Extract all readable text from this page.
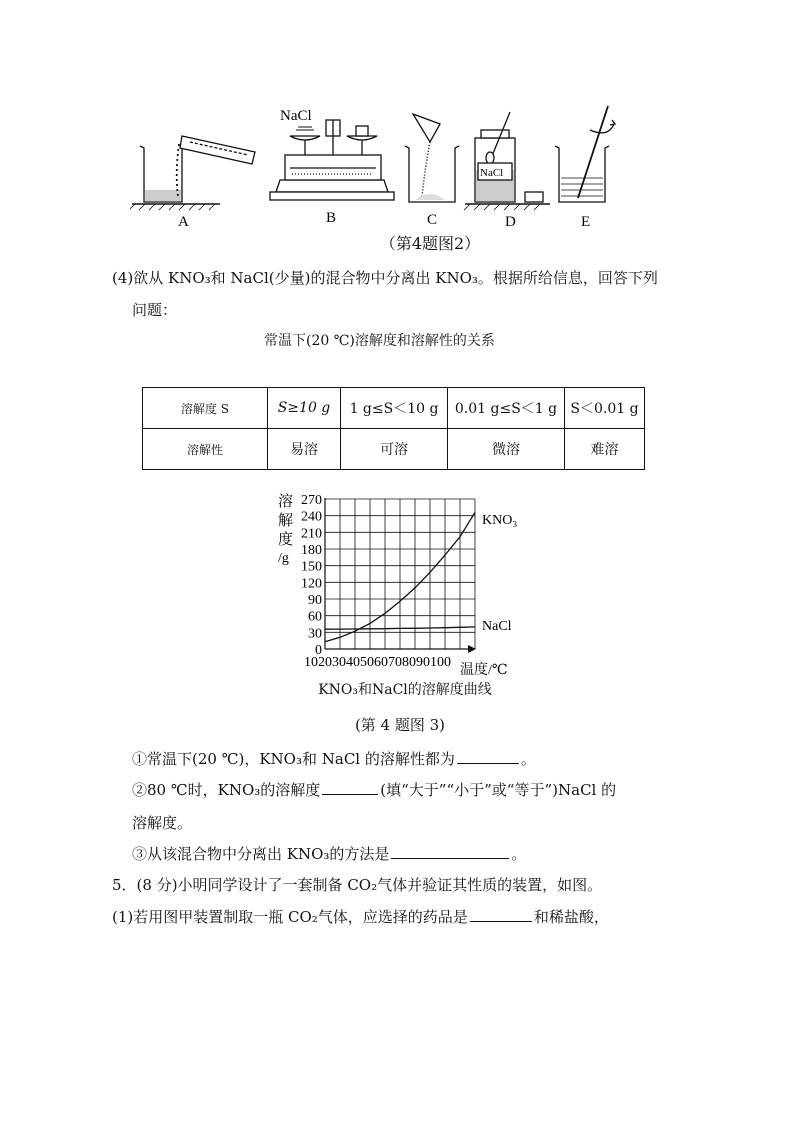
NaCl
NaCl
A	B	C	D	E
（第4题图2）
(4)欲从 KNO₃和 NaCl(少量)的混合物中分离出 KNO₃。根据所给信息，回答下列
问题：
常温下(20 ℃)溶解度和溶解性的关系
溶解度 S	S≥10 g	1 g≤S＜10 g	0.01 g≤S＜1 g	S＜0.01 g
溶解性	易溶	可溶	微溶	难溶
0
30
60
90
120
150
180
210
240
270
溶
解
度
/g
102030405060708090100
温度/℃
KNO₃
NaCl
KNO₃和NaCl的溶解度曲线
(第 4 题图 3)
①常温下(20 ℃)，KNO₃和 NaCl 的溶解性都为	。
②80 ℃时，KNO₃的溶解度	(填“大于”“小于”或“等于”)NaCl 的
溶解度。
③从该混合物中分离出 KNO₃的方法是	。
5．(8 分)小明同学设计了一套制备 CO₂气体并验证其性质的装置，如图。
(1)若用图甲装置制取一瓶 CO₂气体，应选择的药品是	和稀盐酸，
